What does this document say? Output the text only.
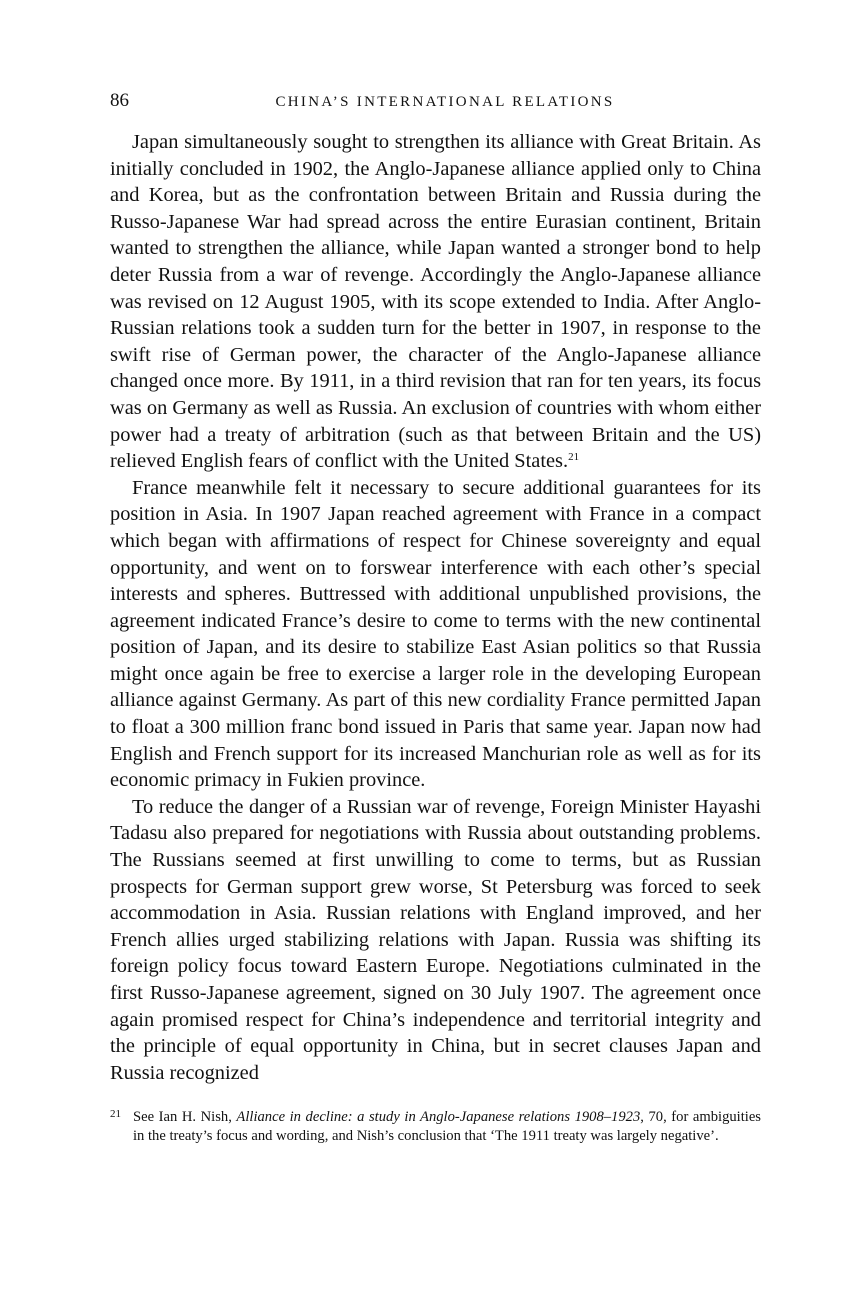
86	CHINA’S INTERNATIONAL RELATIONS

Japan simultaneously sought to strengthen its alliance with Great Britain. As initially concluded in 1902, the Anglo-Japanese alliance applied only to China and Korea, but as the confrontation between Britain and Russia during the Russo-Japanese War had spread across the entire Eurasian continent, Britain wanted to strengthen the alliance, while Japan wanted a stronger bond to help deter Russia from a war of revenge. Accordingly the Anglo-Japanese alliance was revised on 12 August 1905, with its scope extended to India. After Anglo-Russian relations took a sudden turn for the better in 1907, in response to the swift rise of German power, the character of the Anglo-Japanese alliance changed once more. By 1911, in a third revision that ran for ten years, its focus was on Germany as well as Russia. An exclusion of countries with whom either power had a treaty of arbitration (such as that between Britain and the US) relieved English fears of conflict with the United States.$^{21}$

France meanwhile felt it necessary to secure additional guarantees for its position in Asia. In 1907 Japan reached agreement with France in a compact which began with affirmations of respect for Chinese sovereignty and equal opportunity, and went on to forswear interference with each other’s special interests and spheres. Buttressed with additional unpublished provisions, the agreement indicated France’s desire to come to terms with the new continental position of Japan, and its desire to stabilize East Asian politics so that Russia might once again be free to exercise a larger role in the developing European alliance against Germany. As part of this new cordiality France permitted Japan to float a 300 million franc bond issued in Paris that same year. Japan now had English and French support for its increased Manchurian role as well as for its economic primacy in Fukien province.

To reduce the danger of a Russian war of revenge, Foreign Minister Hayashi Tadasu also prepared for negotiations with Russia about outstanding problems. The Russians seemed at first unwilling to come to terms, but as Russian prospects for German support grew worse, St Petersburg was forced to seek accommodation in Asia. Russian relations with England improved, and her French allies urged stabilizing relations with Japan. Russia was shifting its foreign policy focus toward Eastern Europe. Negotiations culminated in the first Russo-Japanese agreement, signed on 30 July 1907. The agreement once again promised respect for China’s independence and territorial integrity and the principle of equal opportunity in China, but in secret clauses Japan and Russia recognized

21 See Ian H. Nish, Alliance in decline: a study in Anglo-Japanese relations 1908–1923, 70, for ambiguities in the treaty’s focus and wording, and Nish’s conclusion that ‘The 1911 treaty was largely negative’.
